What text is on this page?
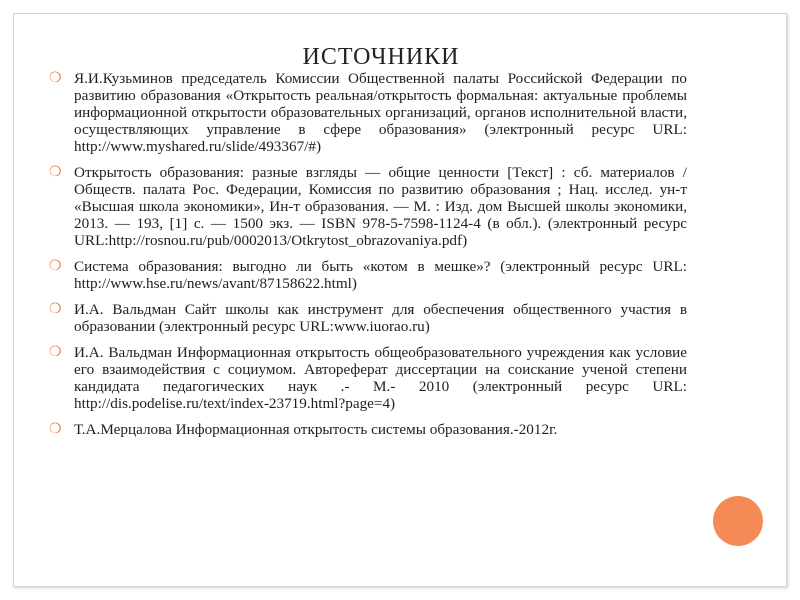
ИСТОЧНИКИ
❍ Я.И.Кузьминов председатель Комиссии Общественной палаты Российской Федерации по развитию образования «Открытость реальная/открытость формальная: актуальные проблемы информационной открытости образовательных организаций, органов исполнительной власти, осуществляющих управление в сфере образования» (электронный ресурс URL: http://www.myshared.ru/slide/493367/#)
❍ Открытость образования: разные взгляды — общие ценности [Текст] : сб. материалов / Обществ. палата Рос. Федерации, Комиссия по развитию образования ; Нац. исслед. ун-т «Высшая школа экономики», Ин-т образования. — М. : Изд. дом Высшей школы экономики, 2013. — 193, [1] с. — 1500 экз. — ISBN 978-5-7598-1124-4 (в обл.). (электронный ресурс URL:http://rosnou.ru/pub/0002013/Otkrytost_obrazovaniya.pdf)
❍ Система образования: выгодно ли быть «котом в мешке»? (электронный ресурс URL: http://www.hse.ru/news/avant/87158622.html)
❍ И.А. Вальдман Сайт школы как инструмент для обеспечения общественного участия в образовании (электронный ресурс URL:www.iuorao.ru)
❍ И.А. Вальдман Информационная открытость общеобразовательного учреждения как условие его взаимодействия с социумом. Автореферат диссертации на соискание ученой степени кандидата педагогических наук .- М.- 2010 (электронный ресурс URL: http://dis.podelise.ru/text/index-23719.html?page=4)
❍ Т.А.Мерцалова Информационная открытость системы образования.-2012г.
